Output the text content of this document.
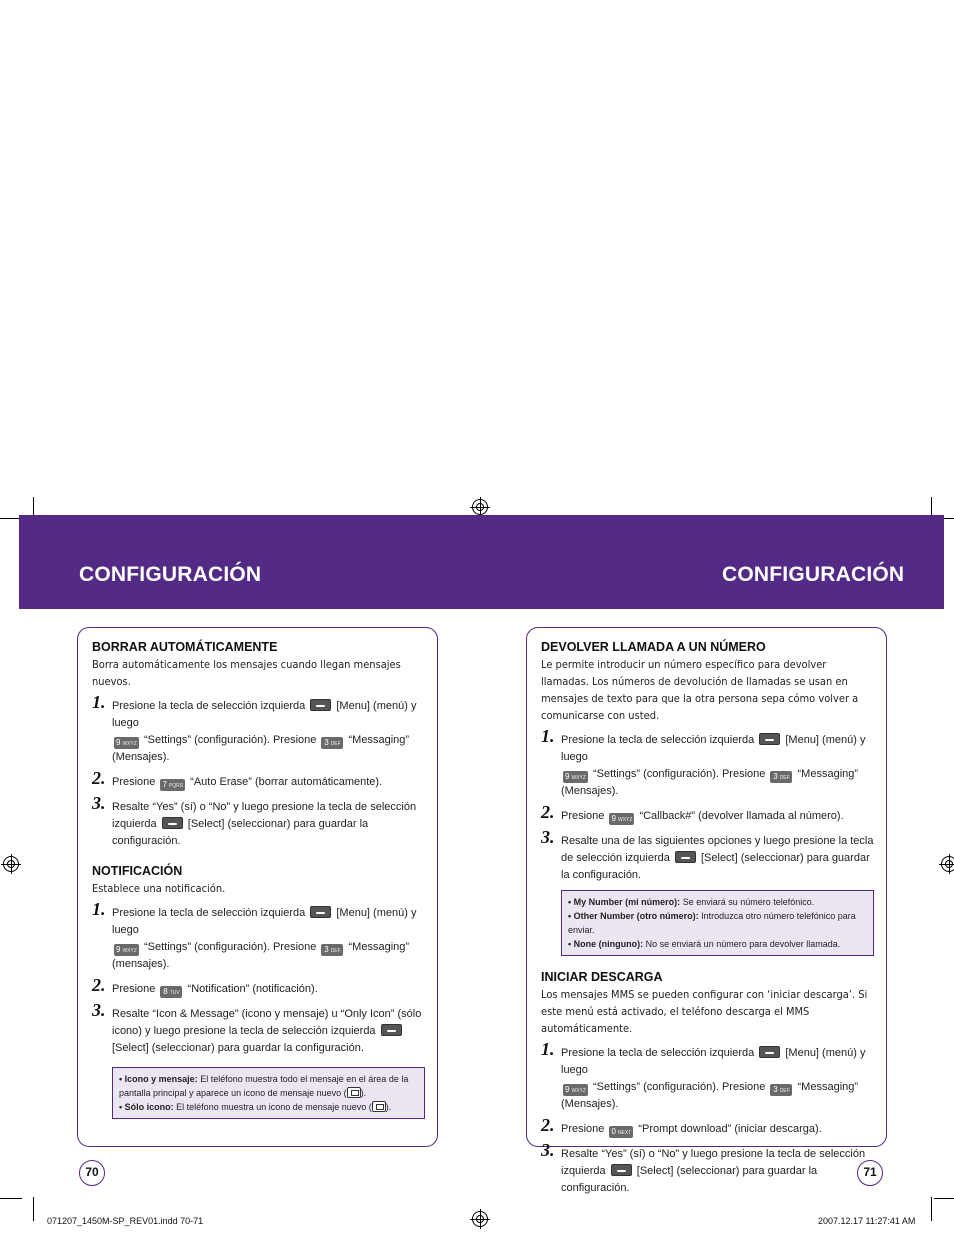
CONFIGURACIÓN	CONFIGURACIÓN
BORRAR AUTOMÁTICAMENTE
Borra automáticamente los mensajes cuando llegan mensajes nuevos.
1. Presione la tecla de selección izquierda	[Menu] (menú) y luego
9 WXYZ “Settings” (configuración). Presione 3 DEF “Messaging” (Mensajes).
2. Presione 7 PQRS “Auto Erase” (borrar automáticamente).
3. Resalte “Yes” (sí) o “No” y luego presione la tecla de selección izquierda	[Select] (seleccionar) para guardar la configuración.
NOTIFICACIÓN
Establece una notificación.
1. Presione la tecla de selección izquierda	[Menu] (menú) y luego
9 WXYZ “Settings” (configuración). Presione 3 DEF “Messaging” (mensajes).
2. Presione 8 TUV “Notification” (notificación).
3. Resalte “Icon & Message” (icono y mensaje) u “Only Icon” (sólo icono) y luego presione la tecla de selección izquierda  [Select] (seleccionar) para guardar la configuración.
• Icono y mensaje: El teléfono muestra todo el mensaje en el área de la pantalla principal y aparece un icono de mensaje nuevo ( ).
• Sólo icono: El teléfono muestra un icono de mensaje nuevo ( ).
DEVOLVER LLAMADA A UN NÚMERO
Le permite introducir un número específico para devolver llamadas. Los números de devolución de llamadas se usan en mensajes de texto para que la otra persona sepa cómo volver a comunicarse con usted.
1. Presione la tecla de selección izquierda	[Menu] (menú) y luego
9 WXYZ “Settings” (configuración). Presione 3 DEF “Messaging” (Mensajes).
2. Presione 9 WXYZ “Callback#” (devolver llamada al número).
3. Resalte una de las siguientes opciones y luego presione la tecla de selección izquierda	[Select] (seleccionar) para guardar la configuración.
• My Number (mi número): Se enviará su número telefónico.
• Other Number (otro número): Introduzca otro número telefónico para enviar.
• None (ninguno): No se enviará un número para devolver llamada.
INICIAR DESCARGA
Los mensajes MMS se pueden configurar con ‘iniciar descarga’. Si este menú está activado, el teléfono descarga el MMS automáticamente.
1. Presione la tecla de selección izquierda	[Menu] (menú) y luego
9 WXYZ “Settings” (configuración). Presione 3 DEF “Messaging” (Mensajes).
2. Presione 0 NEXT “Prompt download” (iniciar descarga).
3. Resalte “Yes” (sí) o “No” y luego presione la tecla de selección izquierda	[Select] (seleccionar) para guardar la configuración.
70	71
071207_1450M-SP_REV01.indd 70-71	2007.12.17 11:27:41 AM
